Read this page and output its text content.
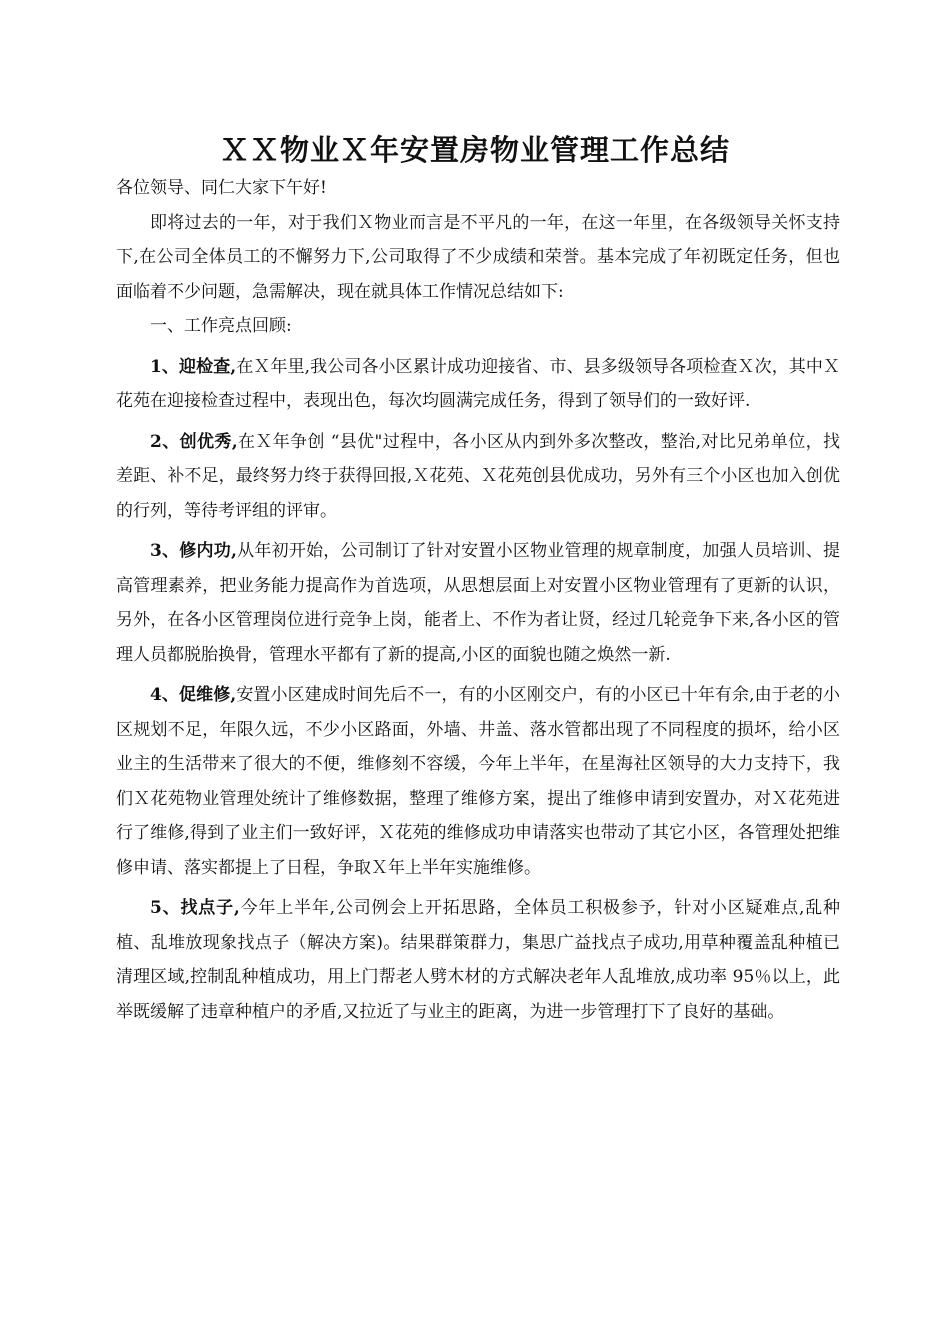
ＸＸ物业Ｘ年安置房物业管理工作总结

各位领导、同仁大家下午好!

即将过去的一年，对于我们Ｘ物业而言是不平凡的一年，在这一年里，在各级领导关怀支持下,在公司全体员工的不懈努力下,公司取得了不少成绩和荣誉。基本完成了年初既定任务，但也面临着不少问题，急需解决，现在就具体工作情况总结如下:

一、工作亮点回顾:

1、迎检查,在Ｘ年里,我公司各小区累计成功迎接省、市、县多级领导各项检查Ｘ次，其中Ｘ花苑在迎接检查过程中，表现出色，每次均圆满完成任务，得到了领导们的一致好评.

2、创优秀,在Ｘ年争创 “县优"过程中，各小区从内到外多次整改，整治,对比兄弟单位，找差距、补不足，最终努力终于获得回报,Ｘ花苑、Ｘ花苑创县优成功，另外有三个小区也加入创优的行列，等待考评组的评审。

3、修内功,从年初开始，公司制订了针对安置小区物业管理的规章制度，加强人员培训、提高管理素养，把业务能力提高作为首选项，从思想层面上对安置小区物业管理有了更新的认识，另外，在各小区管理岗位进行竞争上岗，能者上、不作为者让贤，经过几轮竞争下来,各小区的管理人员都脱胎换骨，管理水平都有了新的提高,小区的面貌也随之焕然一新.

4、促维修,安置小区建成时间先后不一，有的小区刚交户，有的小区已十年有余,由于老的小区规划不足，年限久远，不少小区路面，外墙、井盖、落水管都出现了不同程度的损坏，给小区业主的生活带来了很大的不便，维修刻不容缓，今年上半年，在星海社区领导的大力支持下，我们Ｘ花苑物业管理处统计了维修数据，整理了维修方案，提出了维修申请到安置办，对Ｘ花苑进行了维修,得到了业主们一致好评，Ｘ花苑的维修成功申请落实也带动了其它小区，各管理处把维修申请、落实都提上了日程，争取Ｘ年上半年实施维修。

5、找点子,今年上半年,公司例会上开拓思路，全体员工积极参予，针对小区疑难点,乱种植、乱堆放现象找点子（解决方案)。结果群策群力，集思广益找点子成功,用草种覆盖乱种植已清理区域,控制乱种植成功，用上门帮老人劈木材的方式解决老年人乱堆放,成功率 95％以上，此举既缓解了违章种植户的矛盾,又拉近了与业主的距离，为进一步管理打下了良好的基础。
